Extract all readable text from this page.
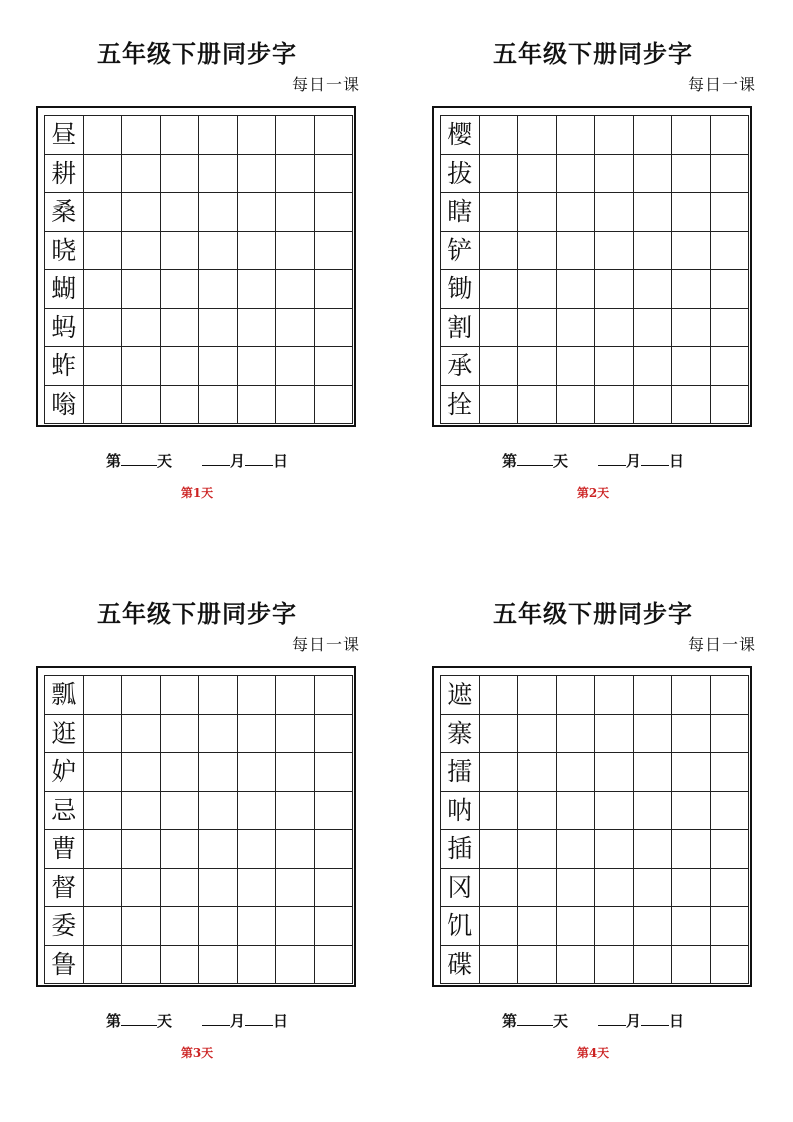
五年级下册同步字
每日一课
昼
耕
桑
晓
蝴
蚂
蚱
嗡
第 天	月 日
第1天
五年级下册同步字
每日一课
樱
拔
瞎
铲
锄
割
承
拴
第 天	月 日
第2天
五年级下册同步字
每日一课
瓢
逛
妒
忌
曹
督
委
鲁
第 天	月 日
第3天
五年级下册同步字
每日一课
遮
寨
擂
呐
插
冈
饥
碟
第 天	月 日
第4天
